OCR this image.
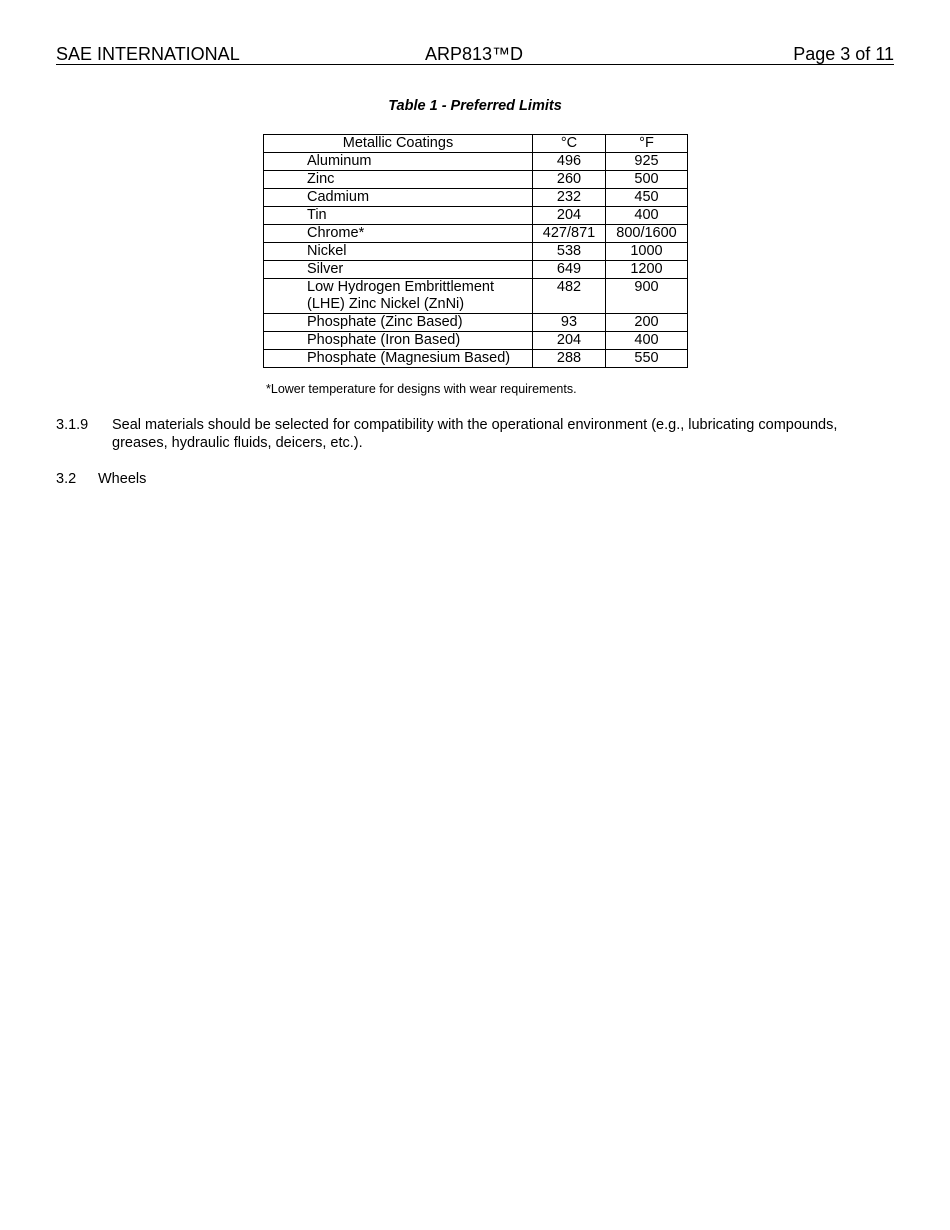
SAE INTERNATIONAL	ARP813™D	Page 3 of 11
Table 1 - Preferred Limits
Metallic Coatings	°C	°F
Aluminum	496	925
Zinc	260	500
Cadmium	232	450
Tin	204	400
Chrome*	427/871	800/1600
Nickel	538	1000
Silver	649	1200

Low Hydrogen Embrittlement
(LHE) Zinc Nickel (ZnNi)	482	900
Phosphate (Zinc Based)	93	200
Phosphate (Iron Based)	204	400
Phosphate (Magnesium Based)	288	550
*Lower temperature for designs with wear requirements.
3.1.9 Seal materials should be selected for compatibility with the operational environment (e.g., lubricating compounds, greases, hydraulic fluids, deicers, etc.).
3.2 Wheels
